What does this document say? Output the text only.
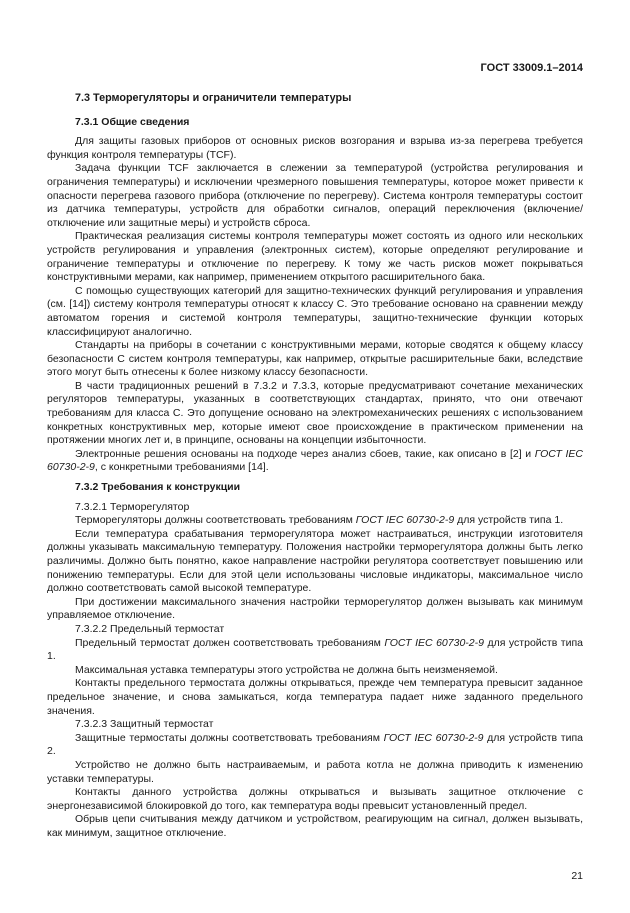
ГОСТ 33009.1–2014
7.3 Терморегуляторы и ограничители температуры
7.3.1 Общие сведения

Для защиты газовых приборов от основных рисков возгорания и взрыва из-за перегрева требуется функция контроля температуры (TCF).

Задача функции TCF заключается в слежении за температурой (устройства регулирования и ограничения температуры) и исключении чрезмерного повышения температуры, которое может привести к опасности перегрева газового прибора (отключение по перегреву). Система контроля температуры состоит из датчика температуры, устройств для обработки сигналов, операций переключения (включение/отключение или защитные меры) и устройств сброса.

Практическая реализация системы контроля температуры может состоять из одного или нескольких устройств регулирования и управления (электронных систем), которые определяют регулирование и ограничение температуры и отключение по перегреву. К тому же часть рисков может покрываться конструктивными мерами, как например, применением открытого расширительного бака.

С помощью существующих категорий для защитно-технических функций регулирования и управления (см. [14]) систему контроля температуры относят к классу С. Это требование основано на сравнении между автоматом горения и системой контроля температуры, защитно-технические функции которых классифицируют аналогично.

Стандарты на приборы в сочетании с конструктивными мерами, которые сводятся к общему классу безопасности С систем контроля температуры, как например, открытые расширительные баки, вследствие этого могут быть отнесены к более низкому классу безопасности.

В части традиционных решений в 7.3.2 и 7.3.3, которые предусматривают сочетание механических регуляторов температуры, указанных в соответствующих стандартах, принято, что они отвечают требованиям для класса С. Это допущение основано на электромеханических решениях с использованием конкретных конструктивных мер, которые имеют свое происхождение в практическом применении на протяжении многих лет и, в принципе, основаны на концепции избыточности.

Электронные решения основаны на подходе через анализ сбоев, такие, как описано в [2] и ГОСТ IEC 60730-2-9, с конкретными требованиями [14].

7.3.2 Требования к конструкции
7.3.2.1 Терморегулятор

Терморегуляторы должны соответствовать требованиям ГОСТ IEC 60730-2-9 для устройств типа 1.

Если температура срабатывания терморегулятора может настраиваться, инструкции изготовителя должны указывать максимальную температуру. Положения настройки терморегулятора должны быть легко различимы. Должно быть понятно, какое направление настройки регулятора соответствует повышению или понижению температуры. Если для этой цели использованы числовые индикаторы, максимальное число должно соответствовать самой высокой температуре.

При достижении максимального значения настройки терморегулятор должен вызывать как минимум управляемое отключение.

7.3.2.2 Предельный термостат

Предельный термостат должен соответствовать требованиям ГОСТ IEC 60730-2-9 для устройств типа 1.

Максимальная уставка температуры этого устройства не должна быть неизменяемой.

Контакты предельного термостата должны открываться, прежде чем температура превысит заданное предельное значение, и снова замыкаться, когда температура падает ниже заданного предельного значения.

7.3.2.3 Защитный термостат

Защитные термостаты должны соответствовать требованиям ГОСТ IEC 60730-2-9 для устройств типа 2.

Устройство не должно быть настраиваемым, и работа котла не должна приводить к изменению уставки температуры.

Контакты данного устройства должны открываться и вызывать защитное отключение с энергонезависимой блокировкой до того, как температура воды превысит установленный предел.

Обрыв цепи считывания между датчиком и устройством, реагирующим на сигнал, должен вызывать, как минимум, защитное отключение.

21
